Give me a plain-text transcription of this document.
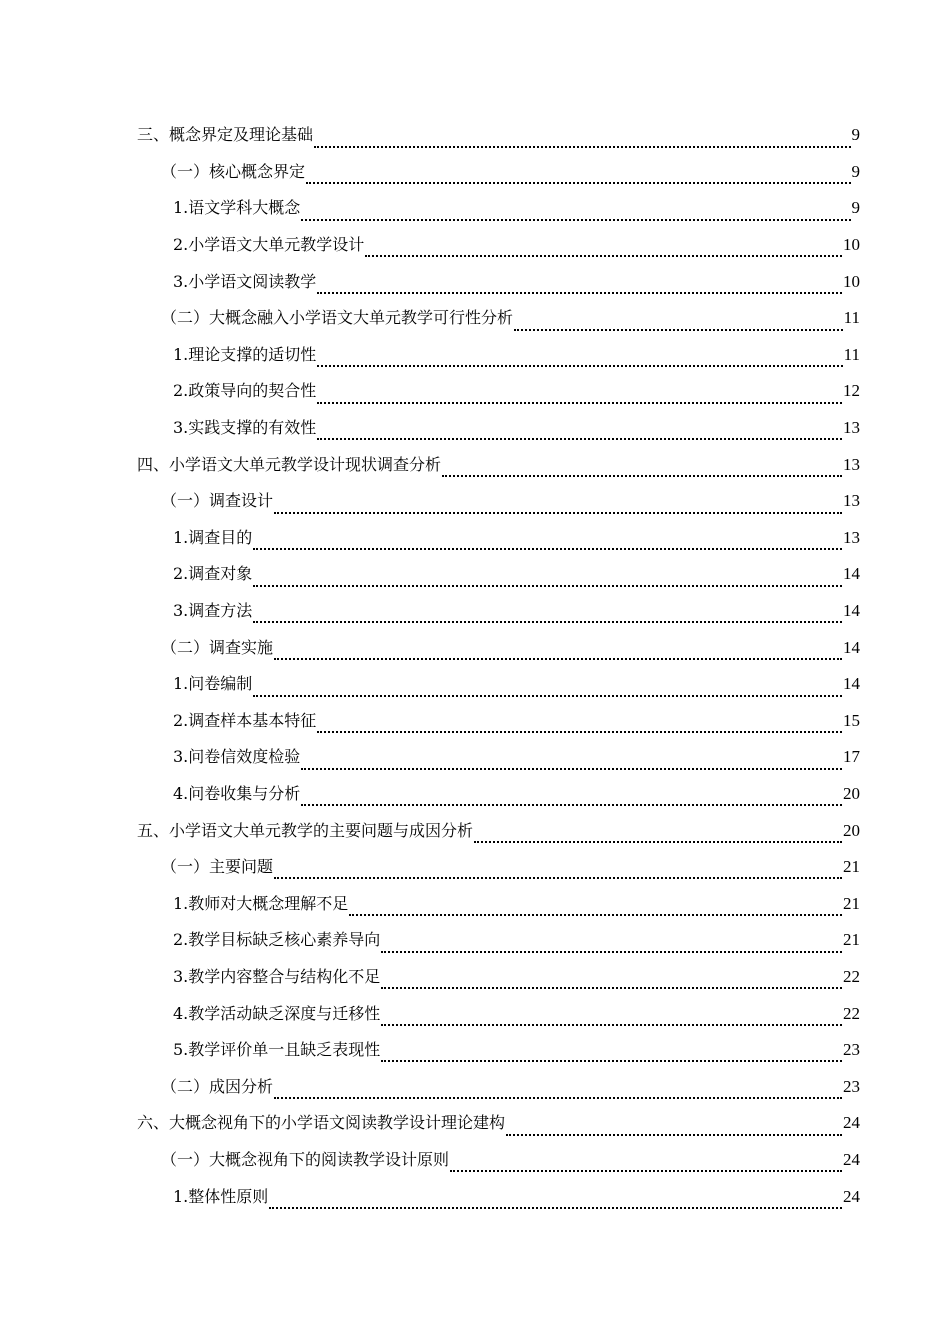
三、概念界定及理论基础	9
（一）核心概念界定	9
1.语文学科大概念	9
2.小学语文大单元教学设计	10
3.小学语文阅读教学	10
（二）大概念融入小学语文大单元教学可行性分析	11
1.理论支撑的适切性	11
2.政策导向的契合性	12
3.实践支撑的有效性	13
四、小学语文大单元教学设计现状调查分析	13
（一）调查设计	13
1.调查目的	13
2.调查对象	14
3.调查方法	14
（二）调查实施	14
1.问卷编制	14
2.调查样本基本特征	15
3.问卷信效度检验	17
4.问卷收集与分析	20
五、小学语文大单元教学的主要问题与成因分析	20
（一）主要问题	21
1.教师对大概念理解不足	21
2.教学目标缺乏核心素养导向	21
3.教学内容整合与结构化不足	22
4.教学活动缺乏深度与迁移性	22
5.教学评价单一且缺乏表现性	23
（二）成因分析	23
六、大概念视角下的小学语文阅读教学设计理论建构	24
（一）大概念视角下的阅读教学设计原则	24
1.整体性原则	24
